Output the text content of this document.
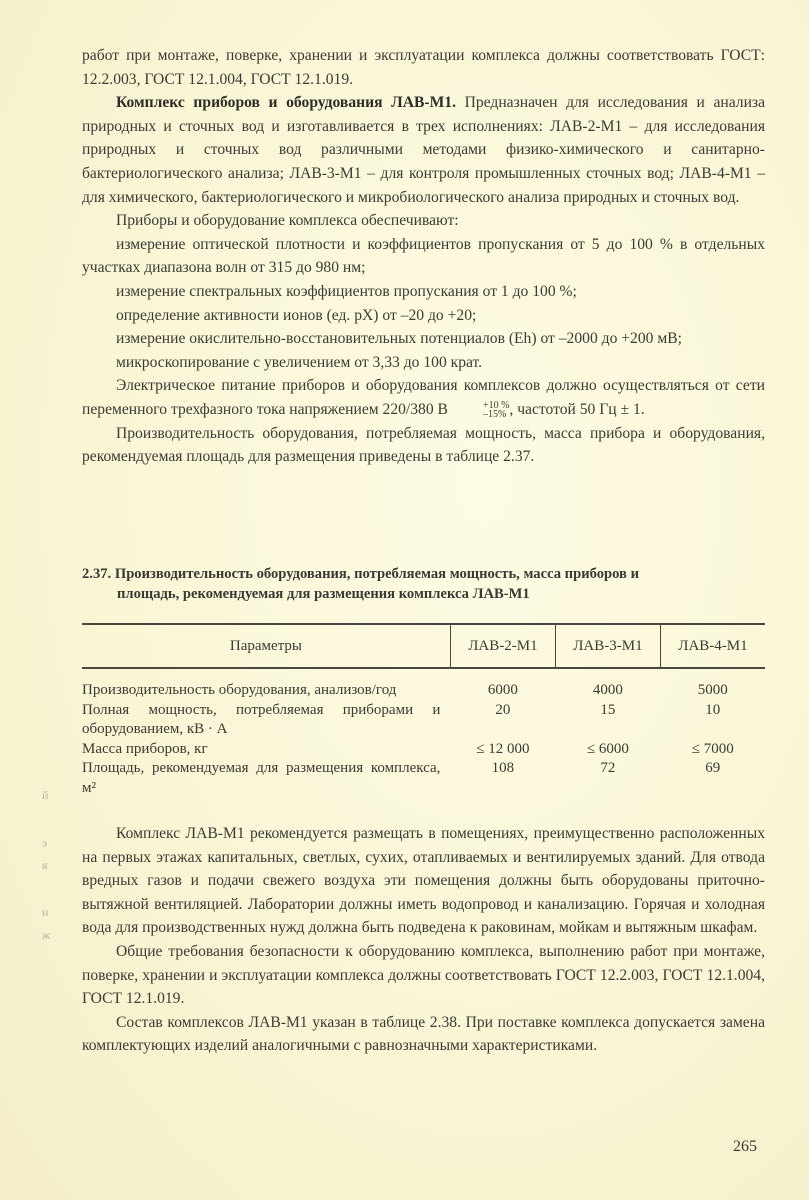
работ при монтаже, поверке, хранении и эксплуатации комплекса должны соответствовать ГОСТ: 12.2.003, ГОСТ 12.1.004, ГОСТ 12.1.019.

Комплекс приборов и оборудования ЛАВ-М1. Предназначен для исследования и анализа природных и сточных вод и изготавливается в трех исполнениях: ЛАВ-2-М1 – для исследования природных и сточных вод различными методами физико-химического и санитарно-бактериологического анализа; ЛАВ-3-М1 – для контроля промышленных сточных вод; ЛАВ-4-М1 – для химического, бактериологического и микробиологического анализа природных и сточных вод.

Приборы и оборудование комплекса обеспечивают:

измерение оптической плотности и коэффициентов пропускания от 5 до 100 % в отдельных участках диапазона волн от 315 до 980 нм;

измерение спектральных коэффициентов пропускания от 1 до 100 %;

определение активности ионов (ед. pX) от –20 до +20;

измерение окислительно-восстановительных потенциалов (Eh) от –2000 до +200 мВ;

микроскопирование с увеличением от 3,33 до 100 крат.

Электрическое питание приборов и оборудования комплексов должно осуществляться от сети переменного трехфазного тока напряжением 220/380 В	+10 %
–15% , частотой 50 Гц ± 1.

Производительность оборудования, потребляемая мощность, масса прибора и оборудования, рекомендуемая площадь для размещения приведены в таблице 2.37.

2.37. Производительность оборудования, потребляемая мощность, масса приборов и
площадь, рекомендуемая для размещения комплекса ЛАВ-М1
Параметры	ЛАВ-2-М1	ЛАВ-3-М1	ЛАВ-4-М1
Производительность оборудования, анализов/год	6000	4000	5000
Полная мощность, потребляемая приборами и оборудованием, кВ · А	20	15	10
Масса приборов, кг	≤ 12 000	≤ 6000	≤ 7000
Площадь, рекомендуемая для размещения комплекса, м²	108	72	69
й
э
я
н
ж

Комплекс ЛАВ-М1 рекомендуется размещать в помещениях, преимущественно расположенных на первых этажах капитальных, светлых, сухих, отапливаемых и вентилируемых зданий. Для отвода вредных газов и подачи свежего воздуха эти помещения должны быть оборудованы приточно-вытяжной вентиляцией. Лаборатории должны иметь водопровод и канализацию. Горячая и холодная вода для производственных нужд должна быть подведена к раковинам, мойкам и вытяжным шкафам.

Общие требования безопасности к оборудованию комплекса, выполнению работ при монтаже, поверке, хранении и эксплуатации комплекса должны соответствовать ГОСТ 12.2.003, ГОСТ 12.1.004, ГОСТ 12.1.019.

Состав комплексов ЛАВ-М1 указан в таблице 2.38. При поставке комплекса допускается замена комплектующих изделий аналогичными с равнозначными характеристиками.

265
